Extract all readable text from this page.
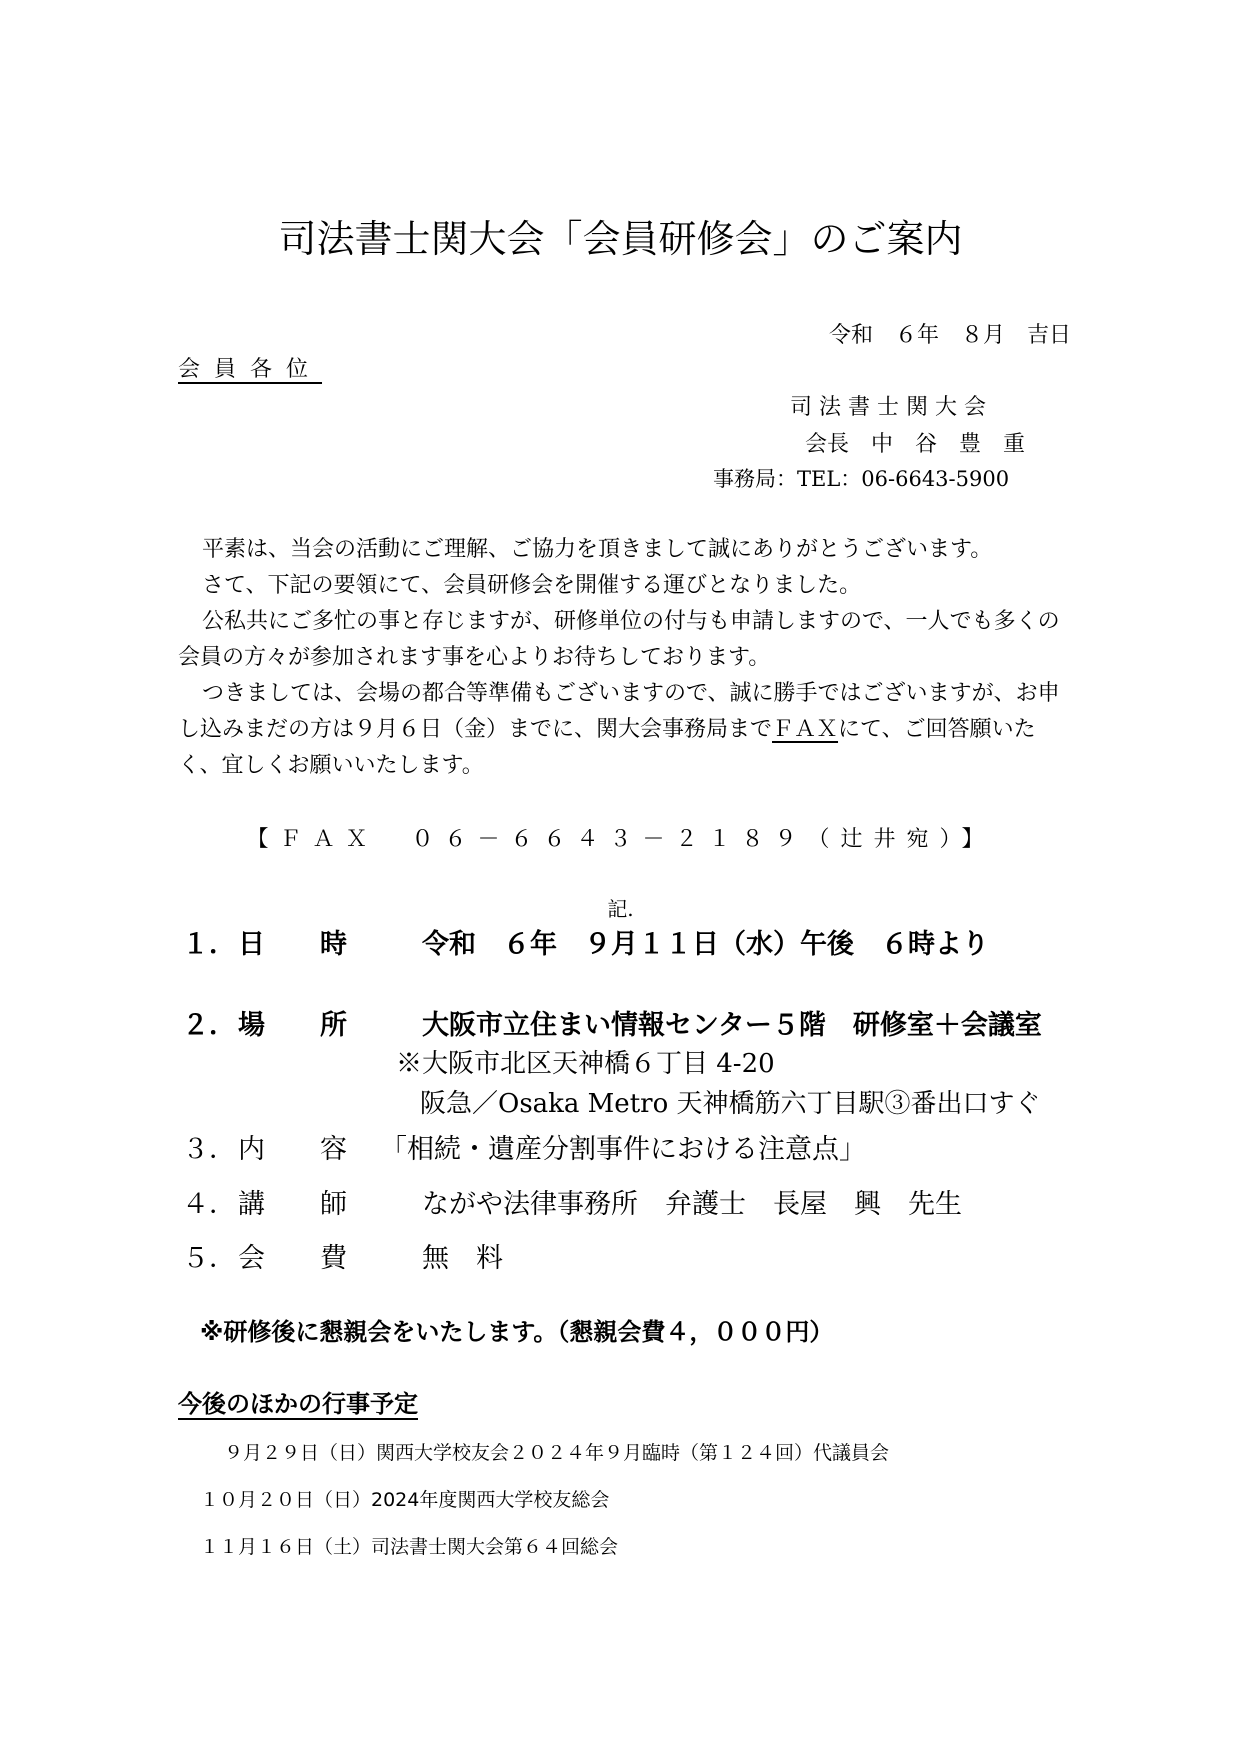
司法書士関大会「会員研修会」のご案内
令和　６年　８月　吉日
会員各位
司法書士関大会
会長　中　谷　豊　重
事務局：TEL：06-6643-5900

平素は、当会の活動にご理解、ご協力を頂きまして誠にありがとうございます。

さて、下記の要領にて、会員研修会を開催する運びとなりました。

公私共にご多忙の事と存じますが、研修単位の付与も申請しますので、一人でも多くの会員の方々が参加されます事を心よりお待ちしております。

つきましては、会場の都合等準備もございますので、誠に勝手ではございますが、お申し込みまだの方は９月６日（金）までに、関大会事務局までＦＡＸにて、ご回答願いたく、宜しくお願いいたします。

【ＦＡＸ　０６－６６４３－２１８９（辻井宛）】
記.
１．日 時	令和　６年　９月１１日（水）午後　６時より
２．場 所	大阪市立住まい情報センター５階　研修室＋会議室
※大阪市北区天神橋６丁目 4-20
阪急／Osaka Metro 天神橋筋六丁目駅③番出口すぐ
３．内 容 「相続・遺産分割事件における注意点」
４．講 師	ながや法律事務所　弁護士　長屋　興　先生
５．会 費	無　料
※研修後に懇親会をいたします。（懇親会費４，０００円）
今後のほかの行事予定
９月２９日（日）関西大学校友会２０２４年９月臨時（第１２４回）代議員会
１０月２０日（日）2024年度関西大学校友総会
１１月１６日（土）司法書士関大会第６４回総会
